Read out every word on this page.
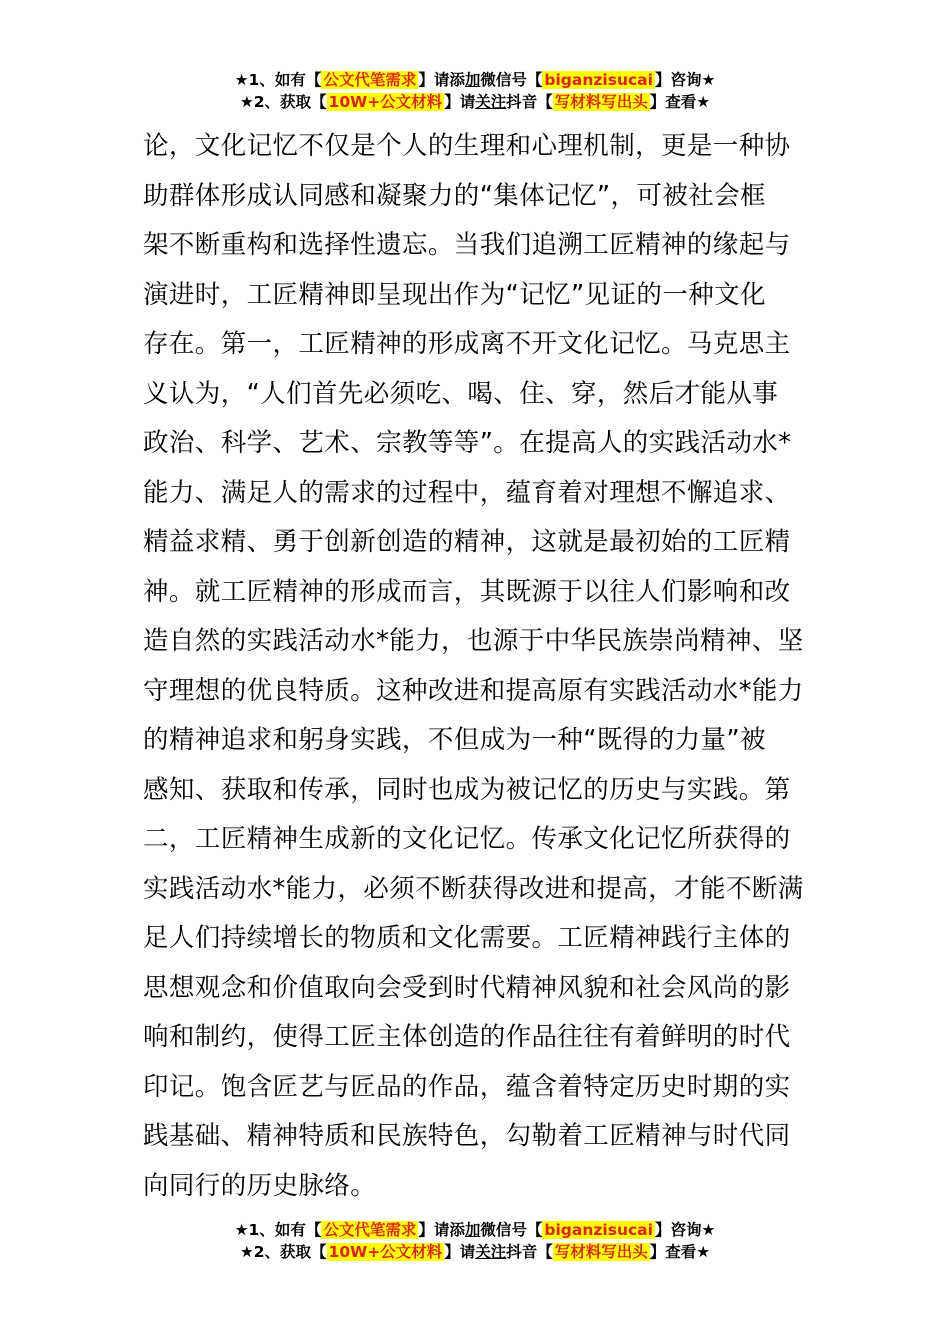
★1、如有【 公文代笔需求 】请添加微信号【 biganzisucai 】咨询★
★2、获取【 10W+公文材料 】请关注抖音【 写材料写出头 】查看★
论，文化记忆不仅是个人的生理和心理机制，更是一种协
助群体形成认同感和凝聚力的“集体记忆”，可被社会框
架不断重构和选择性遗忘。当我们追溯工匠精神的缘起与
演进时，工匠精神即呈现出作为“记忆”见证的一种文化
存在。第一，工匠精神的形成离不开文化记忆。马克思主
义认为，“人们首先必须吃、喝、住、穿，然后才能从事
政治、科学、艺术、宗教等等”。在提高人的实践活动水*
能力、满足人的需求的过程中，蕴育着对理想不懈追求、
精益求精、勇于创新创造的精神，这就是最初始的工匠精
神。就工匠精神的形成而言，其既源于以往人们影响和改
造自然的实践活动水*能力，也源于中华民族崇尚精神、坚
守理想的优良特质。这种改进和提高原有实践活动水*能力
的精神追求和躬身实践，不但成为一种“既得的力量”被
感知、获取和传承，同时也成为被记忆的历史与实践。第
二，工匠精神生成新的文化记忆。传承文化记忆所获得的
实践活动水*能力，必须不断获得改进和提高，才能不断满
足人们持续增长的物质和文化需要。工匠精神践行主体的
思想观念和价值取向会受到时代精神风貌和社会风尚的影
响和制约，使得工匠主体创造的作品往往有着鲜明的时代
印记。饱含匠艺与匠品的作品，蕴含着特定历史时期的实
践基础、精神特质和民族特色，勾勒着工匠精神与时代同
向同行的历史脉络。
★1、如有【 公文代笔需求 】请添加微信号【 biganzisucai 】咨询★
★2、获取【 10W+公文材料 】请关注抖音【 写材料写出头 】查看★
